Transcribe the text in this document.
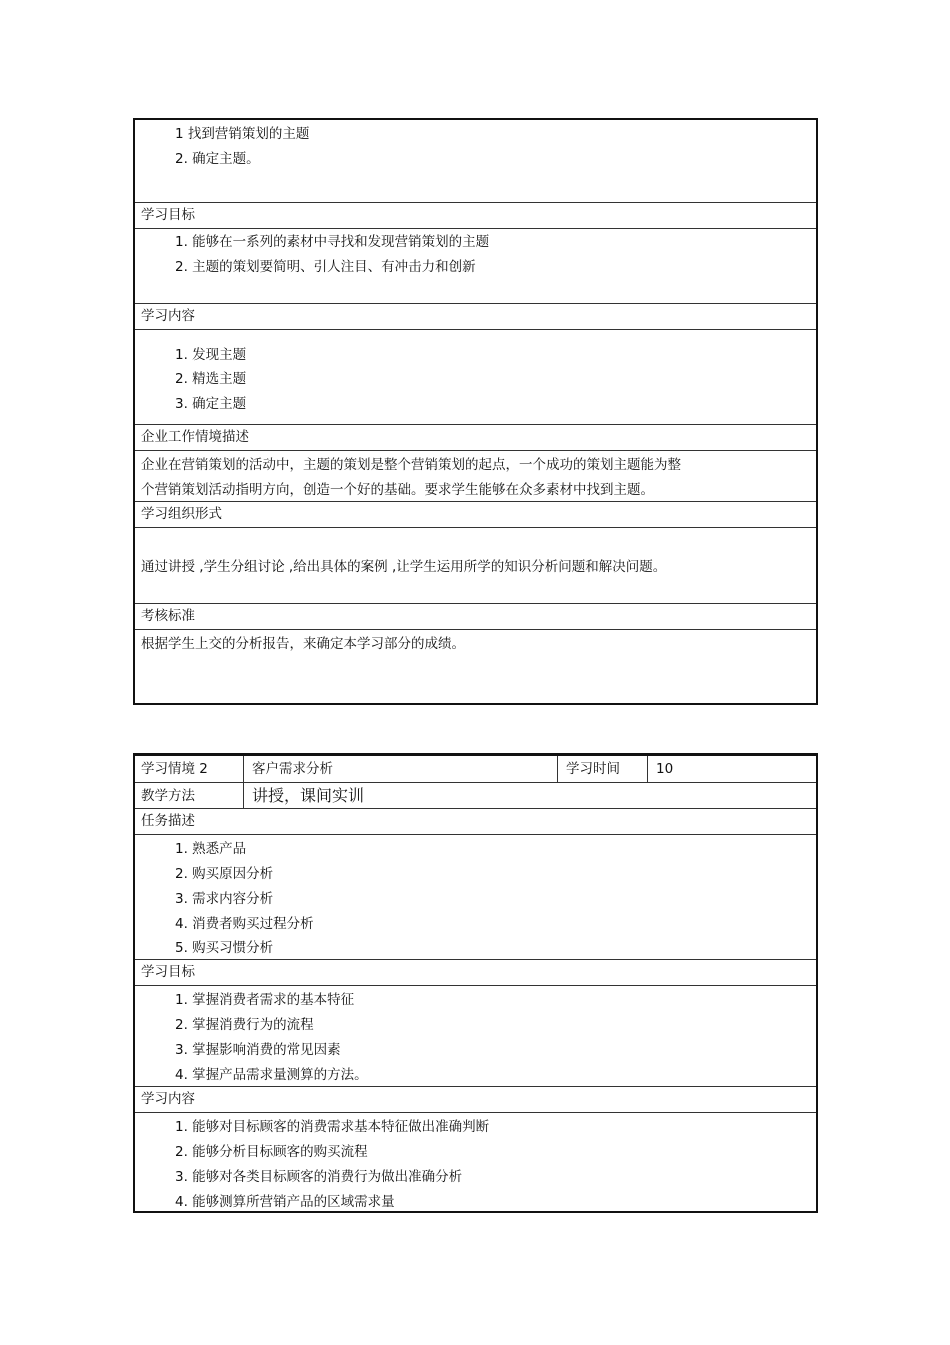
1 找到营销策划的主题
2. 确定主题。
学习目标
1. 能够在一系列的素材中寻找和发现营销策划的主题
2. 主题的策划要简明、引人注目、有冲击力和创新
学习内容
1. 发现主题
2. 精选主题
3. 确定主题
企业工作情境描述
企业在营销策划的活动中，主题的策划是整个营销策划的起点，一个成功的策划主题能为整
个营销策划活动指明方向，创造一个好的基础。要求学生能够在众多素材中找到主题。
学习组织形式
通过讲授 ,学生分组讨论 ,给出具体的案例 ,让学生运用所学的知识分析问题和解决问题。
考核标准
根据学生上交的分析报告，来确定本学习部分的成绩。
学习情境 2	客户需求分析	学习时间	10
教学方法	讲授，课间实训
任务描述
1. 熟悉产品
2. 购买原因分析
3. 需求内容分析
4. 消费者购买过程分析
5. 购买习惯分析
学习目标
1. 掌握消费者需求的基本特征
2. 掌握消费行为的流程
3. 掌握影响消费的常见因素
4. 掌握产品需求量测算的方法。
学习内容
1. 能够对目标顾客的消费需求基本特征做出准确判断
2. 能够分析目标顾客的购买流程
3. 能够对各类目标顾客的消费行为做出准确分析
4. 能够测算所营销产品的区域需求量
